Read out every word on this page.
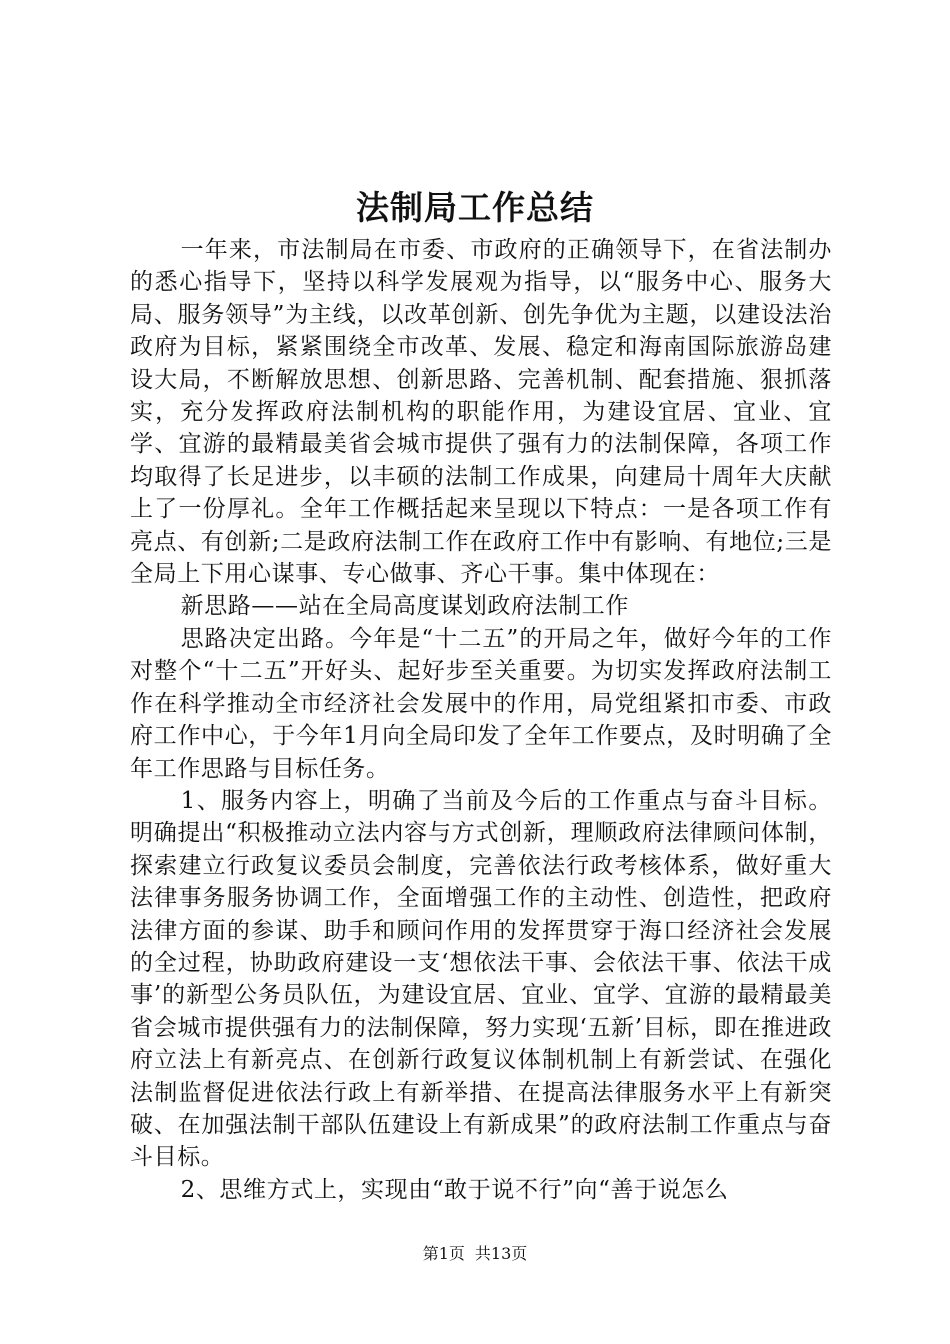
法制局工作总结

一年来，市法制局在市委、市政府的正确领导下，在省法制办的悉心指导下，坚持以科学发展观为指导，以“服务中心、服务大局、服务领导”为主线，以改革创新、创先争优为主题，以建设法治政府为目标，紧紧围绕全市改革、发展、稳定和海南国际旅游岛建设大局，不断解放思想、创新思路、完善机制、配套措施、狠抓落实，充分发挥政府法制机构的职能作用，为建设宜居、宜业、宜学、宜游的最精最美省会城市提供了强有力的法制保障，各项工作均取得了长足进步，以丰硕的法制工作成果，向建局十周年大庆献上了一份厚礼。全年工作概括起来呈现以下特点：一是各项工作有亮点、有创新;二是政府法制工作在政府工作中有影响、有地位;三是全局上下用心谋事、专心做事、齐心干事。集中体现在：

新思路——站在全局高度谋划政府法制工作

思路决定出路。今年是“十二五”的开局之年，做好今年的工作对整个“十二五”开好头、起好步至关重要。为切实发挥政府法制工作在科学推动全市经济社会发展中的作用，局党组紧扣市委、市政府工作中心，于今年1月向全局印发了全年工作要点，及时明确了全年工作思路与目标任务。

1、服务内容上，明确了当前及今后的工作重点与奋斗目标。明确提出“积极推动立法内容与方式创新，理顺政府法律顾问体制，探索建立行政复议委员会制度，完善依法行政考核体系，做好重大法律事务服务协调工作，全面增强工作的主动性、创造性，把政府法律方面的参谋、助手和顾问作用的发挥贯穿于海口经济社会发展的全过程，协助政府建设一支‘想依法干事、会依法干事、依法干成事’的新型公务员队伍，为建设宜居、宜业、宜学、宜游的最精最美省会城市提供强有力的法制保障，努力实现‘五新’目标，即在推进政府立法上有新亮点、在创新行政复议体制机制上有新尝试、在强化法制监督促进依法行政上有新举措、在提高法律服务水平上有新突破、在加强法制干部队伍建设上有新成果”的政府法制工作重点与奋斗目标。

2、思维方式上，实现由“敢于说不行”向“善于说怎么

第1页 共13页
